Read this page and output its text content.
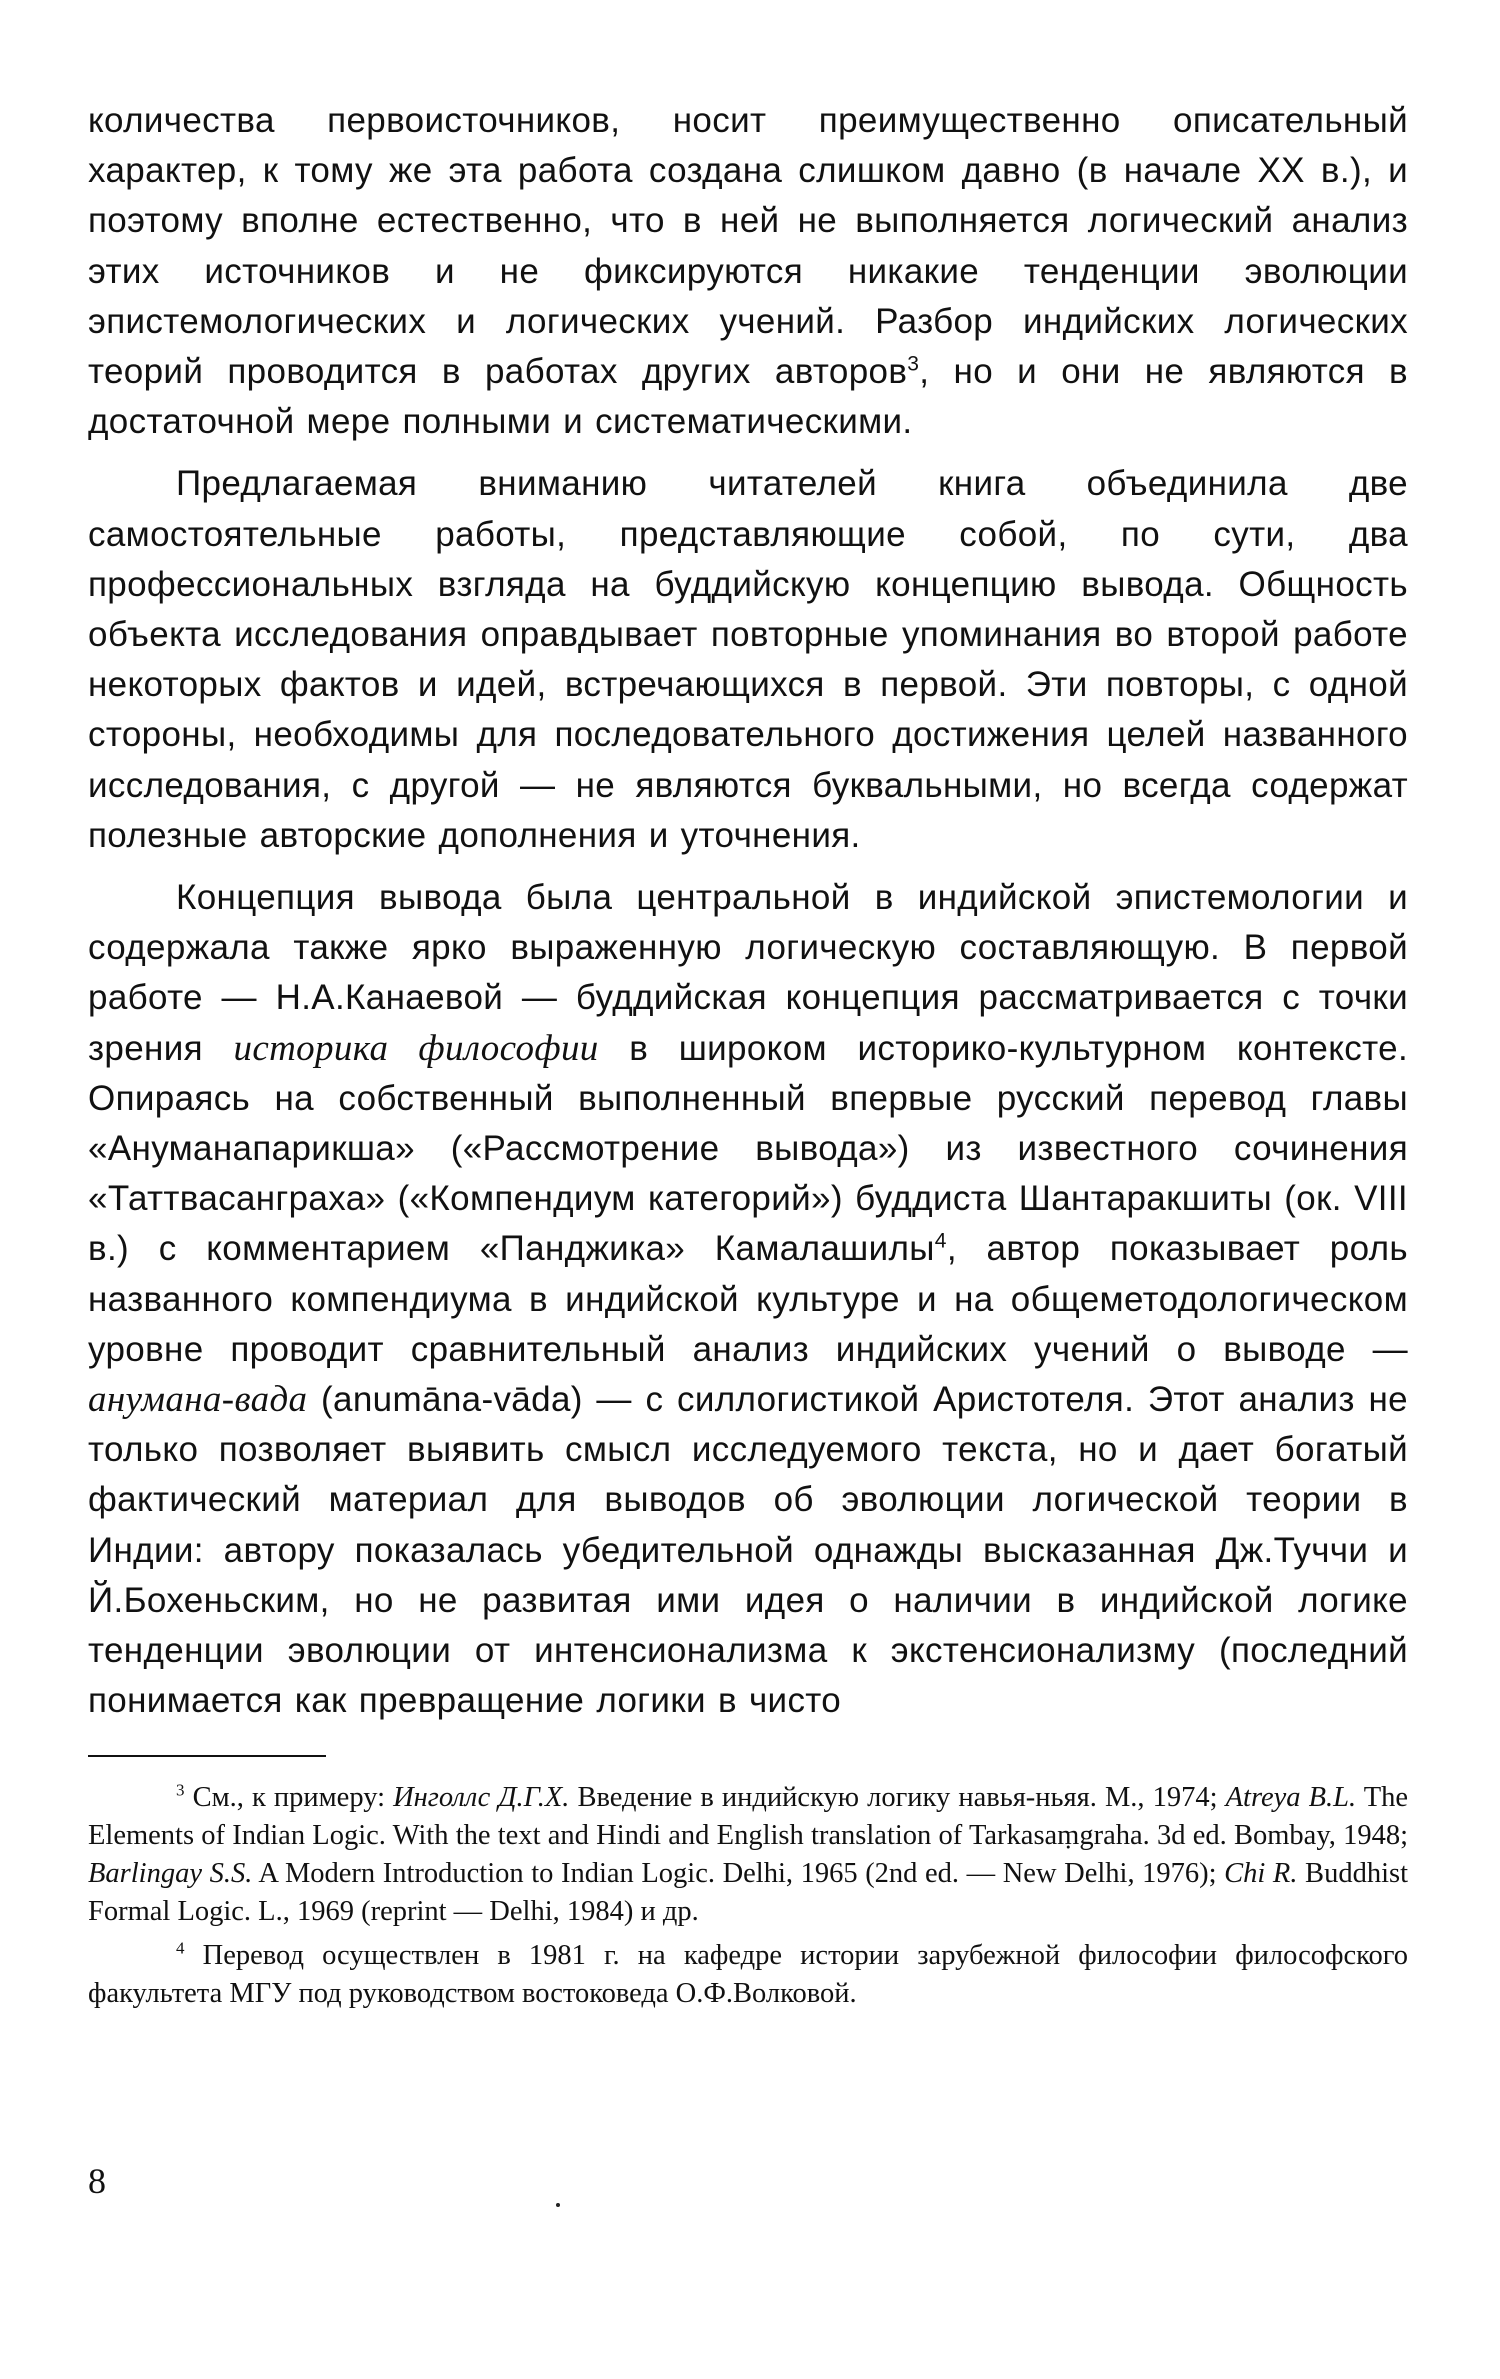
количества первоисточников, носит преимущественно описательный характер, к тому же эта работа создана слишком давно (в начале XX в.), и поэтому вполне естественно, что в ней не выполняется логический анализ этих источников и не фиксируются никакие тенденции эволюции эпистемологических и логических учений. Разбор индийских логических теорий проводится в работах других авторов$^3$, но и они не являются в достаточной мере полными и систематическими.

Предлагаемая вниманию читателей книга объединила две самостоятельные работы, представляющие собой, по сути, два профессиональных взгляда на буддийскую концепцию вывода. Общность объекта исследования оправдывает повторные упоминания во второй работе некоторых фактов и идей, встречающихся в первой. Эти повторы, с одной стороны, необходимы для последовательного достижения целей названного исследования, с другой — не являются буквальными, но всегда содержат полезные авторские дополнения и уточнения.

Концепция вывода была центральной в индийской эпистемологии и содержала также ярко выраженную логическую составляющую. В первой работе — Н.А.Канаевой — буддийская концепция рассматривается с точки зрения историка философии в широком историко-культурном контексте. Опираясь на собственный выполненный впервые русский перевод главы «Ануманапарикша» («Рассмотрение вывода») из известного сочинения «Таттвасанграха» («Компендиум категорий») буддиста Шантаракшиты (ок. VIII в.) с комментарием «Панджика» Камалашилы$^4$, автор показывает роль названного компендиума в индийской культуре и на общеметодологическом уровне проводит сравнительный анализ индийских учений о выводе — анумана-вада (anumāna-vāda) — с силлогистикой Аристотеля. Этот анализ не только позволяет выявить смысл исследуемого текста, но и дает богатый фактический материал для выводов об эволюции логической теории в Индии: автору показалась убедительной однажды высказанная Дж.Туччи и Й.Бохеньским, но не развитая ими идея о наличии в индийской логике тенденции эволюции от интенсионализма к экстенсионализму (последний понимается как превращение логики в чисто

$^3$ См., к примеру: Инголлс Д.Г.Х. Введение в индийскую логику навья-ньяя. М., 1974; Atreya B.L. The Elements of Indian Logic. With the text and Hindi and English translation of Tarkasaṃgraha. 3d ed. Bombay, 1948; Barlingay S.S. A Modern Introduction to Indian Logic. Delhi, 1965 (2nd ed. — New Delhi, 1976); Chi R. Buddhist Formal Logic. L., 1969 (reprint — Delhi, 1984) и др.

$^4$ Перевод осуществлен в 1981 г. на кафедре истории зарубежной философии философского факультета МГУ под руководством востоковеда О.Ф.Волковой.

8
